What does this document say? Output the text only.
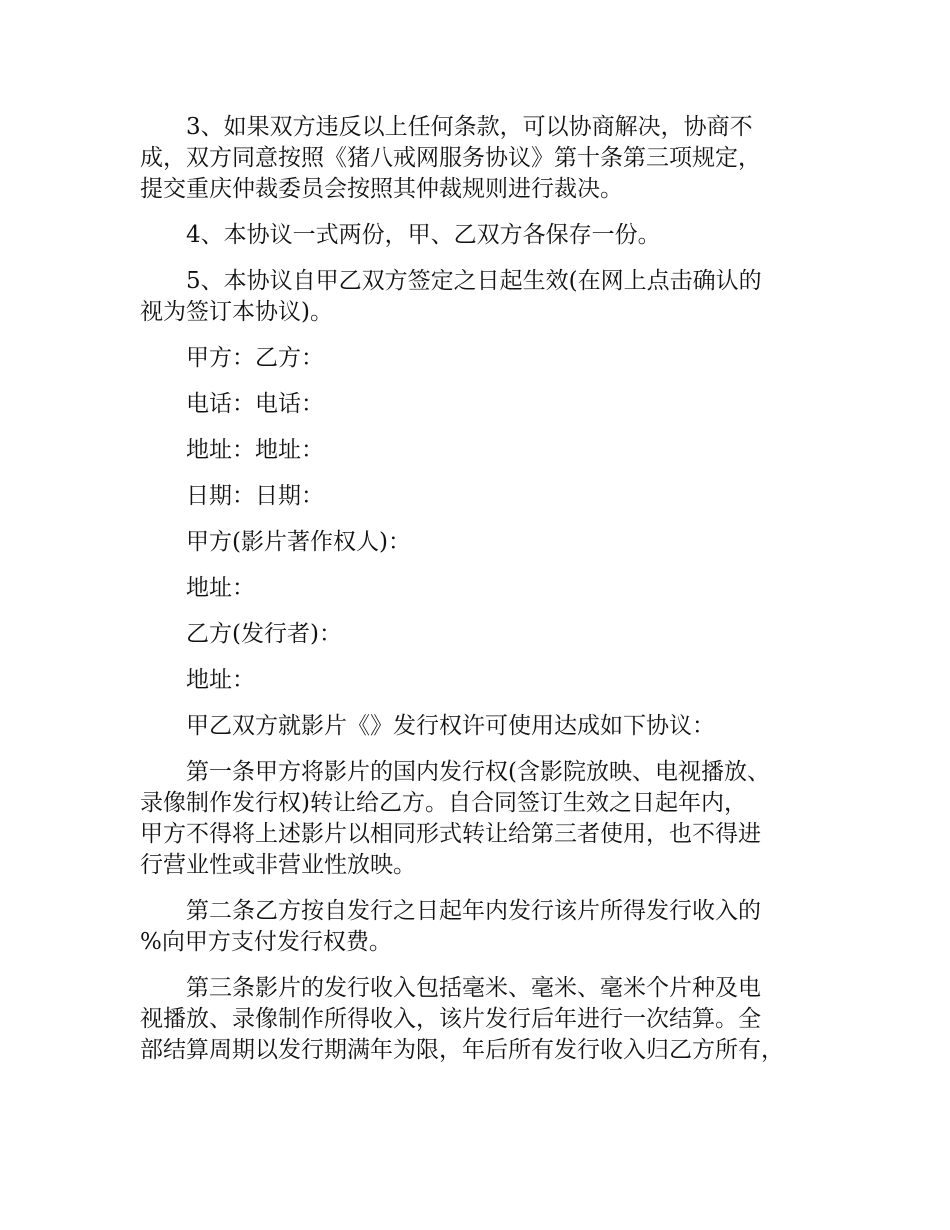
3、如果双方违反以上任何条款，可以协商解决，协商不
成，双方同意按照《猪八戒网服务协议》第十条第三项规定，
提交重庆仲裁委员会按照其仲裁规则进行裁决。
4、本协议一式两份，甲、乙双方各保存一份。
5、本协议自甲乙双方签定之日起生效(在网上点击确认的
视为签订本协议)。
甲方：乙方：
电话：电话：
地址：地址：
日期：日期：
甲方(影片著作权人)：
地址：
乙方(发行者)：
地址：
甲乙双方就影片《》发行权许可使用达成如下协议：
第一条甲方将影片的国内发行权(含影院放映、电视播放、
录像制作发行权)转让给乙方。自合同签订生效之日起年内，
甲方不得将上述影片以相同形式转让给第三者使用，也不得进
行营业性或非营业性放映。
第二条乙方按自发行之日起年内发行该片所得发行收入的
%向甲方支付发行权费。
第三条影片的发行收入包括毫米、毫米、毫米个片种及电
视播放、录像制作所得收入，该片发行后年进行一次结算。全
部结算周期以发行期满年为限，年后所有发行收入归乙方所有，
